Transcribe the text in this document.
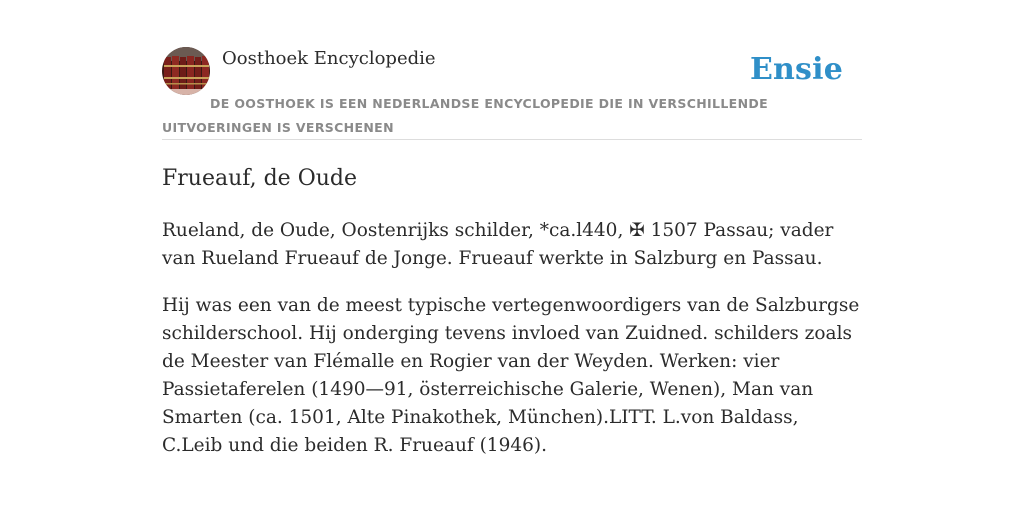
Oosthoek Encyclopedie	Ensie
DE OOSTHOEK IS EEN NEDERLANDSE ENCYCLOPEDIE DIE IN VERSCHILLENDE UITVOERINGEN IS VERSCHENEN
Frueauf, de Oude

Rueland, de Oude, Oostenrijks schilder, *ca.l440, ✠ 1507 Passau; vader van Rueland Frueauf de Jonge. Frueauf werkte in Salzburg en Passau.

Hij was een van de meest typische vertegenwoordigers van de Salzburgse schilderschool. Hij onderging tevens invloed van Zuidned. schilders zoals de Meester van Flémalle en Rogier van der Weyden. Werken: vier Passietaferelen (1490—91, österreichische Galerie, Wenen), Man van Smarten (ca. 1501, Alte Pinakothek, München).LITT. L.von Baldass, C.Leib und die beiden R. Frueauf (1946).
